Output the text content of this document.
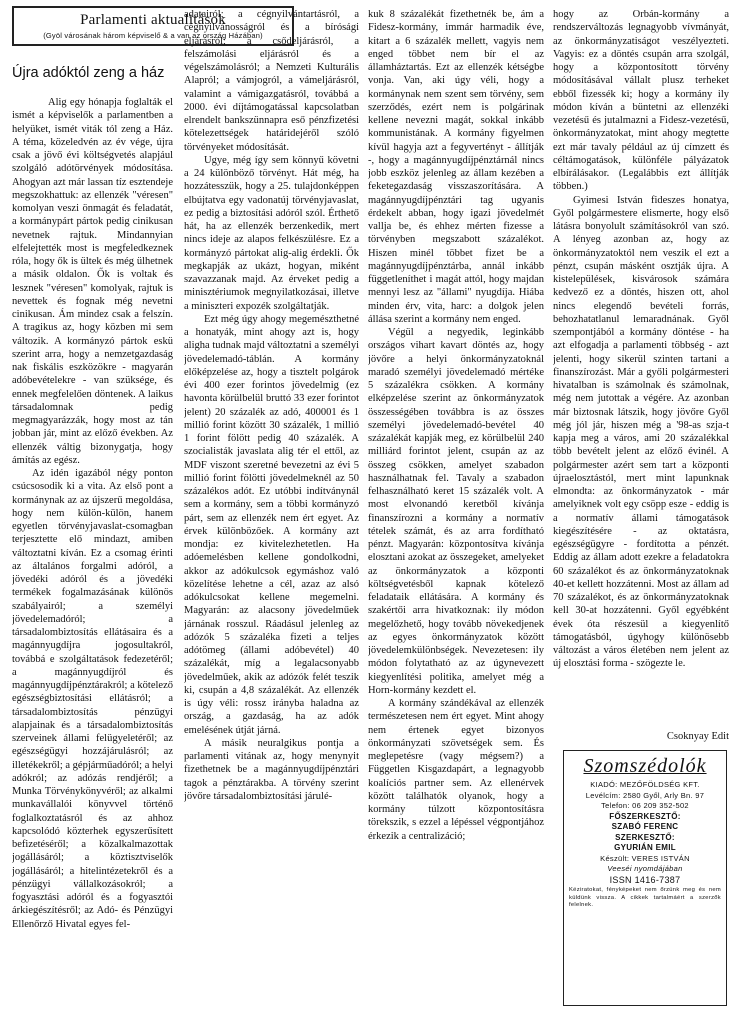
Parlamenti aktualitások
(Gyöl városának három képviselő & a van az ország Házában)
Újra adóktól zeng a ház

Alig egy hónapja foglalták el ismét a képviselők a parlamentben a helyüket, ismét viták tól zeng a Ház. A téma, közeledvén az év vége, újra csak a jövő évi költségvetés alapjául szolgáló adótörvények módosítása. Ahogyan azt már lassan tíz esztendeje megszokhattuk: az ellenzék "véresen" komolyan veszi önmagát és feladatát, a kormánypárt pártok pedig cinikusan nevetnek rajtuk. Mindannyian elfelejtették most is megfeledkeznek róla, hogy ők is ültek és még ülhetnek a másik oldalon. Ők is voltak és lesznek "véresen" komolyak, rajtuk is nevettek és fognak még nevetni cinikusan. Ám mindez csak a felszín. A tragikus az, hogy közben mi sem változik. A kormányzó pártok eskü szerint arra, hogy a nemzetgazdaság nak fiskális eszközökre - magyarán adóbevételekre - van szüksége, és ennek megfelelően döntenek. A laikus társadalomnak pedig megmagyarázzák, hogy most az tán jobban jár, mint az előző években. Az ellenzék váltig bizonygatja, hogy ámítás az egész.

Az idén igazából négy ponton csúcsosodik ki a vita. Az első pont a kormánynak az az újszerű megoldása, hogy nem külön-külön, hanem egyetlen törvényjavaslat-csomagban terjesztette elő mindazt, amiben változtatni kíván. Ez a csomag érinti az általános forgalmi adóról, a jövedéki adóról és a jövedéki termékek fogalmazásának különös szabályairól; a személyi jövedelemadóról; a társadalombiztosítás ellátásaira és a magánnyugdíjra jogosultakról, továbbá e szolgáltatások fedezetéről; a magánnyugdíjról és magánnyugdíjpénztárakról; a kötelező egészségbiztosítási ellátásról; a társadalombiztosítás pénzügyi alapjainak és a társadalombiztosítás szerveinek állami felügyeletéről; az egészségügyi hozzájárulásról; az illetékekről; a gépjárműadóról; a helyi adókról; az adózás rendjéről; a Munka Törvénykönyvéről; az alkalmi munkavállalói könyvvel történő foglalkoztatásról és az ahhoz kapcsolódó közterhek egyszerűsített befizetéséről; a közalkalmazottak jogállásáról; a köztisztviselők jogállásáról; a hitelintézetekről és a pénzügyi vállalkozásokról; a fogyasztási adóról és a fogyasztói árkiegészítésről; az Adó- és Pénzügyi Ellenőrző Hivatal egyes fel-

adatairól; a cégnyilvántartásról, a cégnyilvánosságról és a bírósági eljárásról; a csődeljárásról, a felszámolási eljárásról és a végelszámolásról; a Nemzeti Kulturális Alapról; a vámjogról, a vámeljárásról, valamint a vámigazgatásról, továbbá a 2000. évi díjtámogatással kapcsolatban elrendelt bankszünnapra eső pénzfizetési kötelezettségek határidejéről szóló törvényeket módosítását.

Ugye, még így sem könnyű követni a 24 különböző törvényt. Hát még, ha hozzátesszük, hogy a 25. tulajdonképpen elbújtatva egy vadonatúj törvényjavaslat, ez pedig a biztosítási adóról szól. Érthető hát, ha az ellenzék berzenkedik, mert nincs ideje az alapos felkészülésre. Ez a kormányzó pártokat alig-alig érdekli. Ők megkapják az ukázt, hogyan, miként szavazzanak majd. Az érveket pedig a minisztériumok megnyilatkozásai, illetve a miniszteri expozék szolgáltatják.

Ezt még úgy ahogy megemészthetné a honatyák, mint ahogy azt is, hogy aligha tudnak majd változtatni a személyi jövedelemadó-táblán. A kormány előképzelése az, hogy a tisztelt polgárok évi 400 ezer forintos jövedelmig (ez havonta körülbelül bruttó 33 ezer forintot jelent) 20 százalék az adó, 400001 és 1 millió forint között 30 százalék, 1 millió 1 forint fölött pedig 40 százalék. A szocialisták javaslata alig tér el ettől, az MDF viszont szeretné bevezetni az évi 5 millió forint fölötti jövedelmeknél az 50 százalékos adót. Ez utóbbi indítványnál sem a kormány, sem a többi kormányzó párt, sem az ellenzék nem ért egyet. Az érvek különbözőek. A kormány azt mondja: ez kivitelezhetetlen. Ha adóemelésben kellene gondolkodni, akkor az adókulcsok egymáshoz való közelítése lehetne a cél, azaz az alsó adókulcsokat kellene megemelni. Magyarán: az alacsony jövedelműek járnának rosszul. Ráadásul jelenleg az adózók 5 százaléka fizeti a teljes adótömeg (állami adóbevétel) 40 százalékát, míg a legalacsonyabb jövedelműek, akik az adózók felét teszik ki, csupán a 4,8 százalékát. Az ellenzék is úgy véli: rossz irányba haladna az ország, a gazdaság, ha az adók emelésének útját járná.

A másik neuralgikus pontja a parlamenti vitának az, hogy menynyit fizethetnek be a magánnyugdíjpénztári tagok a pénztárakba. A törvény szerint jövőre társadalombiztosítási járulé-

kuk 8 százalékát fizethetnék be, ám a Fidesz-kormány, immár harmadik éve, kitart a 6 százalék mellett, vagyis nem enged többet nem bír el az államháztartás. Ezt az ellenzék kétségbe vonja. Van, aki úgy véli, hogy a kormánynak nem szent sem törvény, sem szerződés, ezért nem is polgárinak kellene nevezni magát, sokkal inkább kommunistának. A kormány figyelmen kívül hagyja azt a fegyvertényt - állítják -, hogy a magánnyugdíjpénztárnál nincs jobb eszköz jelenleg az állam kezében a feketegazdaság visszaszorítására. A magánnyugdíjpénztári tag ugyanis érdekelt abban, hogy igazi jövedelmét vallja be, és ehhez mérten fizesse a törvényben megszabott százalékot. Hiszen minél többet fizet be a magánnyugdíjpénztárba, annál inkább függetleníthet i magát attól, hogy majdan mennyi lesz az "állami" nyugdíja. Hiába minden érv, vita, harc: a dolgok jelen állása szerint a kormány nem enged.

Végül a negyedik, leginkább országos vihart kavart döntés az, hogy jövőre a helyi önkormányzatoknál maradó személyi jövedelemadó mértéke 5 százalékra csökken. A kormány elképzelése szerint az önkormányzatok összességében továbbra is az összes személyi jövedelemadó-bevétel 40 százalékát kapják meg, ez körülbelül 240 milliárd forintot jelent, csupán az az összeg csökken, amelyet szabadon használhatnak fel. Tavaly a szabadon felhasználható keret 15 százalék volt. A most elvonandó keretből kívánja finanszírozni a kormány a normatív tételek számát, és az arra fordítható pénzt. Magyarán: központosítva kívánja elosztani azokat az összegeket, amelyeket az önkormányzatok a központi költségvetésből kapnak kötelező feladataik ellátására. A kormány és szakértői arra hivatkoznak: ily módon megelőzhető, hogy tovább növekedjenek az egyes önkormányzatok között jövedelemkülönbségek. Nevezetesen: ily módon folytatható az az úgynevezett kiegyenlítési politika, amelyet még a Horn-kormány kezdett el.

A kormány szándékával az ellenzék természetesen nem ért egyet. Mint ahogy nem értenek egyet bizonyos önkormányzati szövetségek sem. És meglepetésre (vagy mégsem?) a Független Kisgazdapárt, a legnagyobb koalíciós partner sem. Az ellenérvek között találhatók olyanok, hogy a kormány túlzott központosításra törekszik, s ezzel a lépéssel végpontjához érkezik a centralizáció;

hogy az Orbán-kormány a rendszerváltozás legnagyobb vívmányát, az önkormányzatiságot veszélyezteti. Vagyis: ez a döntés csupán arra szolgál, hogy a központosított törvény módosításával vállalt plusz terheket ebből fizessék ki; hogy a kormány ily módon kíván a büntetni az ellenzéki vezetésű és jutalmazni a Fidesz-vezetésű, önkormányzatokat, mint ahogy megtette ezt már tavaly például az új címzett és céltámogatások, különféle pályázatok elbírálásakor. (Legalábbis ezt állítják többen.)

Gyimesi István fideszes honatya, Győl polgármestere elismerte, hogy első látásra bonyolult számításokról van szó. A lényeg azonban az, hogy az önkormányzatoktól nem veszik el ezt a pénzt, csupán másként osztják újra. A kistelepülések, kisvárosok számára kedvező ez a döntés, hiszen ott, ahol nincs elegendő bevételi forrás, behozhatatlanul lemaradnának. Győl szempontjából a kormány döntése - ha azt elfogadja a parlamenti többség - azt jelenti, hogy sikerül szinten tartani a finanszírozást. Már a győli polgármesteri hivatalban is számolnak és számolnak, még nem jutottak a végére. Az azonban már biztosnak látszik, hogy jövőre Győl még jól jár, hiszen még a '98-as szja-t kapja meg a város, ami 20 százalékkal több bevételt jelent az előző évinél. A polgármester azért sem tart a központi újraelosztástól, mert mint lapunknak elmondta: az önkormányzatok - már amelyiknek volt egy csöpp esze - eddig is a normatív állami támogatások kiegészítésére - az oktatásra, egészségügyre - fordította a pénzét. Eddig az állam adott ezekre a feladatokra 60 százalékot és az önkormányzatoknak 40-et kellett hozzátenni. Most az állam ad 70 százalékot, és az önkormányzatoknak kell 30-at hozzátenni. Győl egyébként évek óta részesül a kiegyenlítő támogatásból, úgyhogy különösebb változást a város életében nem jelent az új elosztási forma - szögezte le.

Csoknyay Edit
Szomszédolók
KIADÓ: MEZŐFÖLDSÉG KFT.
Levélcím: 2580 Győl, Arly Bn. 97
Telefon: 06 209 352-502
FŐSZERKESZTŐ:
SZABÓ FERENC
SZERKESZTŐ:
GYURIÁN EMIL
Készült: VERES ISTVÁN
Veeséi nyomdájában
ISSN 1416-7387
Kéziratokat, fényképeket nem őrzünk meg és nem küldünk vissza. A cikkek tartalmáért a szerzők felelnek.
